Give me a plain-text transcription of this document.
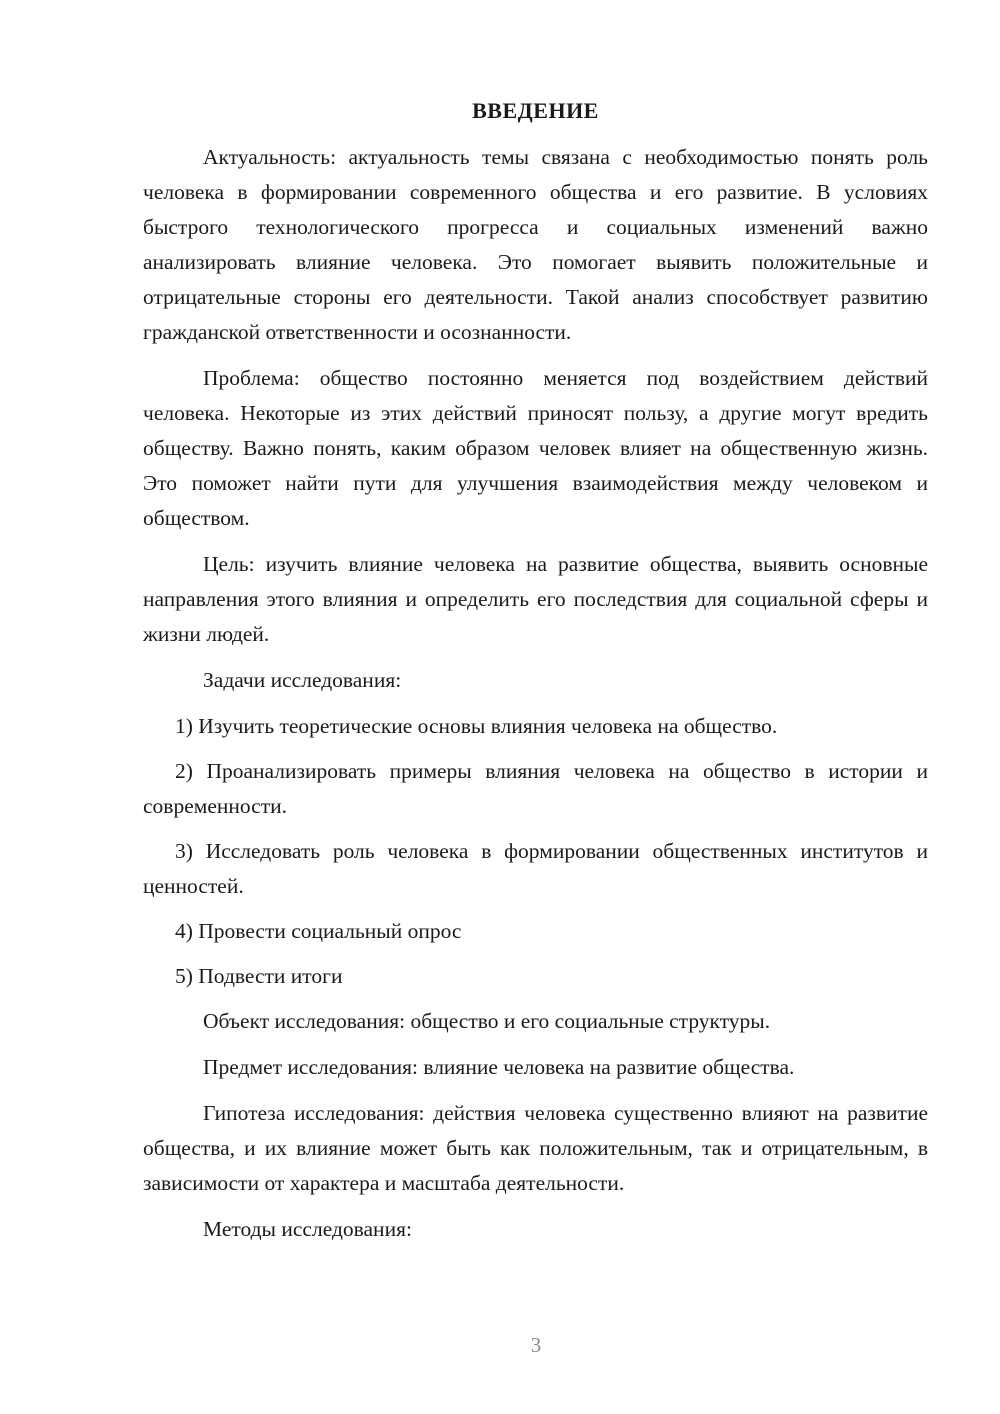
ВВЕДЕНИЕ

Актуальность: актуальность темы связана с необходимостью понять роль человека в формировании современного общества и его развитие. В условиях быстрого технологического прогресса и социальных изменений важно анализировать влияние человека. Это помогает выявить положительные и отрицательные стороны его деятельности. Такой анализ способствует развитию гражданской ответственности и осознанности.

Проблема: общество постоянно меняется под воздействием действий человека. Некоторые из этих действий приносят пользу, а другие могут вредить обществу. Важно понять, каким образом человек влияет на общественную жизнь. Это поможет найти пути для улучшения взаимодействия между человеком и обществом.

Цель: изучить влияние человека на развитие общества, выявить основные направления этого влияния и определить его последствия для социальной сферы и жизни людей.

Задачи исследования:

1) Изучить теоретические основы влияния человека на общество.

2) Проанализировать примеры влияния человека на общество в истории и современности.

3) Исследовать роль человека в формировании общественных институтов и ценностей.

4) Провести социальный опрос

5) Подвести итоги

Объект исследования: общество и его социальные структуры.

Предмет исследования: влияние человека на развитие общества.

Гипотеза исследования: действия человека существенно влияют на развитие общества, и их влияние может быть как положительным, так и отрицательным, в зависимости от характера и масштаба деятельности.

Методы исследования:

3
